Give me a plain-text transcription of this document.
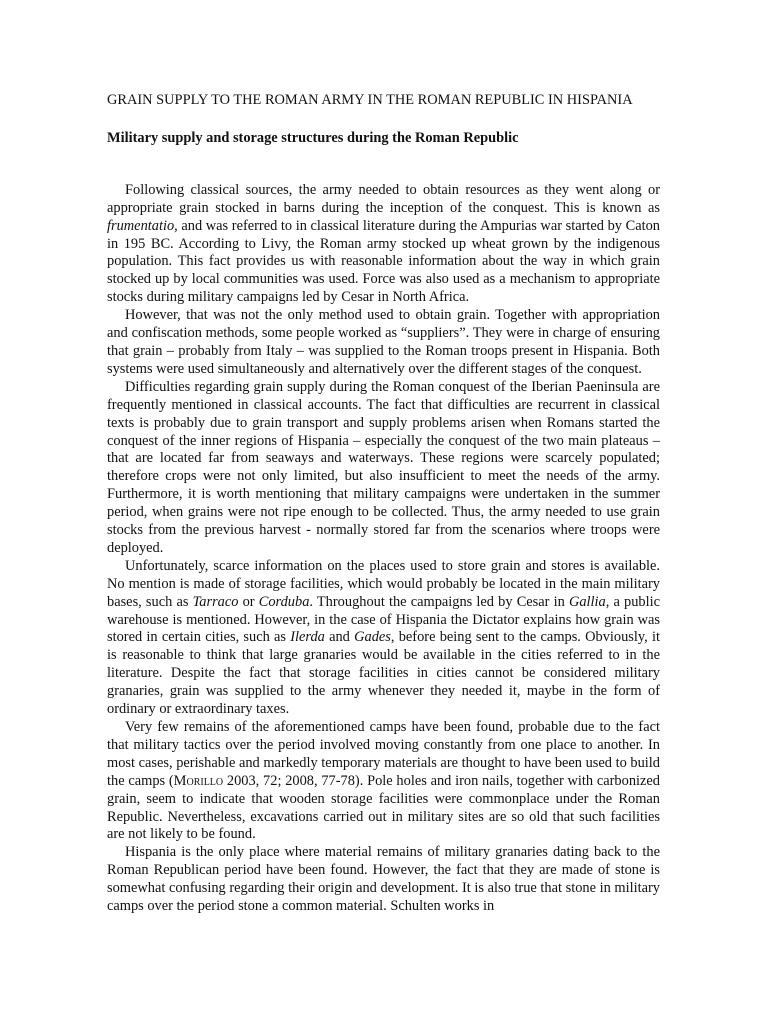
GRAIN SUPPLY TO THE ROMAN ARMY IN THE ROMAN REPUBLIC IN HISPANIA
Military supply and storage structures during the Roman Republic

Following classical sources, the army needed to obtain resources as they went along or appropriate grain stocked in barns during the inception of the conquest. This is known as frumentatio, and was referred to in classical literature during the Ampurias war started by Caton in 195 BC. According to Livy, the Roman army stocked up wheat grown by the indigenous population. This fact provides us with reasonable information about the way in which grain stocked up by local communities was used. Force was also used as a mechanism to appropriate stocks during military campaigns led by Cesar in North Africa.

However, that was not the only method used to obtain grain. Together with appropriation and confiscation methods, some people worked as “suppliers”. They were in charge of ensuring that grain – probably from Italy – was supplied to the Roman troops present in Hispania. Both systems were used simultaneously and alternatively over the different stages of the conquest.

Difficulties regarding grain supply during the Roman conquest of the Iberian Paeninsula are frequently mentioned in classical accounts. The fact that difficulties are recurrent in classical texts is probably due to grain transport and supply problems arisen when Romans started the conquest of the inner regions of Hispania – especially the conquest of the two main plateaus – that are located far from seaways and waterways. These regions were scarcely populated; therefore crops were not only limited, but also insufficient to meet the needs of the army. Furthermore, it is worth mentioning that military campaigns were undertaken in the summer period, when grains were not ripe enough to be collected. Thus, the army needed to use grain stocks from the previous harvest - normally stored far from the scenarios where troops were deployed.

Unfortunately, scarce information on the places used to store grain and stores is available. No mention is made of storage facilities, which would probably be located in the main military bases, such as Tarraco or Corduba. Throughout the campaigns led by Cesar in Gallia, a public warehouse is mentioned. However, in the case of Hispania the Dictator explains how grain was stored in certain cities, such as Ilerda and Gades, before being sent to the camps. Obviously, it is reasonable to think that large granaries would be available in the cities referred to in the literature. Despite the fact that storage facilities in cities cannot be considered military granaries, grain was supplied to the army whenever they needed it, maybe in the form of ordinary or extraordinary taxes.

Very few remains of the aforementioned camps have been found, probable due to the fact that military tactics over the period involved moving constantly from one place to another. In most cases, perishable and markedly temporary materials are thought to have been used to build the camps (Morillo 2003, 72; 2008, 77-78). Pole holes and iron nails, together with carbonized grain, seem to indicate that wooden storage facilities were commonplace under the Roman Republic. Nevertheless, excavations carried out in military sites are so old that such facilities are not likely to be found.

Hispania is the only place where material remains of military granaries dating back to the Roman Republican period have been found. However, the fact that they are made of stone is somewhat confusing regarding their origin and development. It is also true that stone in military camps over the period stone a common material. Schulten works in
